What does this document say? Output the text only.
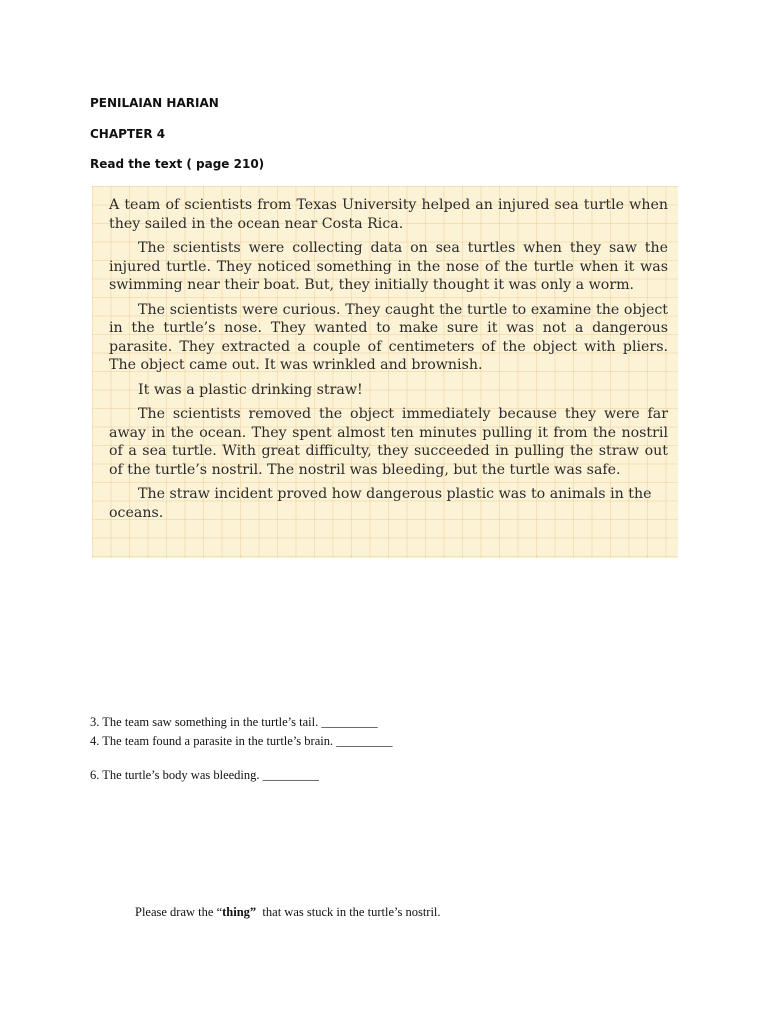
PENILAIAN HARIAN
CHAPTER 4
Read the text ( page 210)

A team of scientists from Texas University helped an injured sea turtle when they sailed in the ocean near Costa Rica.

The scientists were collecting data on sea turtles when they saw the injured turtle. They noticed something in the nose of the turtle when it was swimming near their boat. But, they initially thought it was only a worm.

The scientists were curious. They caught the turtle to examine the object in the turtle’s nose. They wanted to make sure it was not a dangerous parasite. They extracted a couple of centimeters of the object with pliers. The object came out. It was wrinkled and brownish.

It was a plastic drinking straw!

The scientists removed the object immediately because they were far away in the ocean. They spent almost ten minutes pulling it from the nostril of a sea turtle. With great difficulty, they succeeded in pulling the straw out of the turtle’s nostril. The nostril was bleeding, but the turtle was safe.

The straw incident proved how dangerous plastic was to animals in the oceans.

3. The team saw something in the turtle’s tail. _________
4. The team found a parasite in the turtle’s brain. _________
6. The turtle’s body was bleeding. _________
Please draw the “thing”  that was stuck in the turtle’s nostril.
